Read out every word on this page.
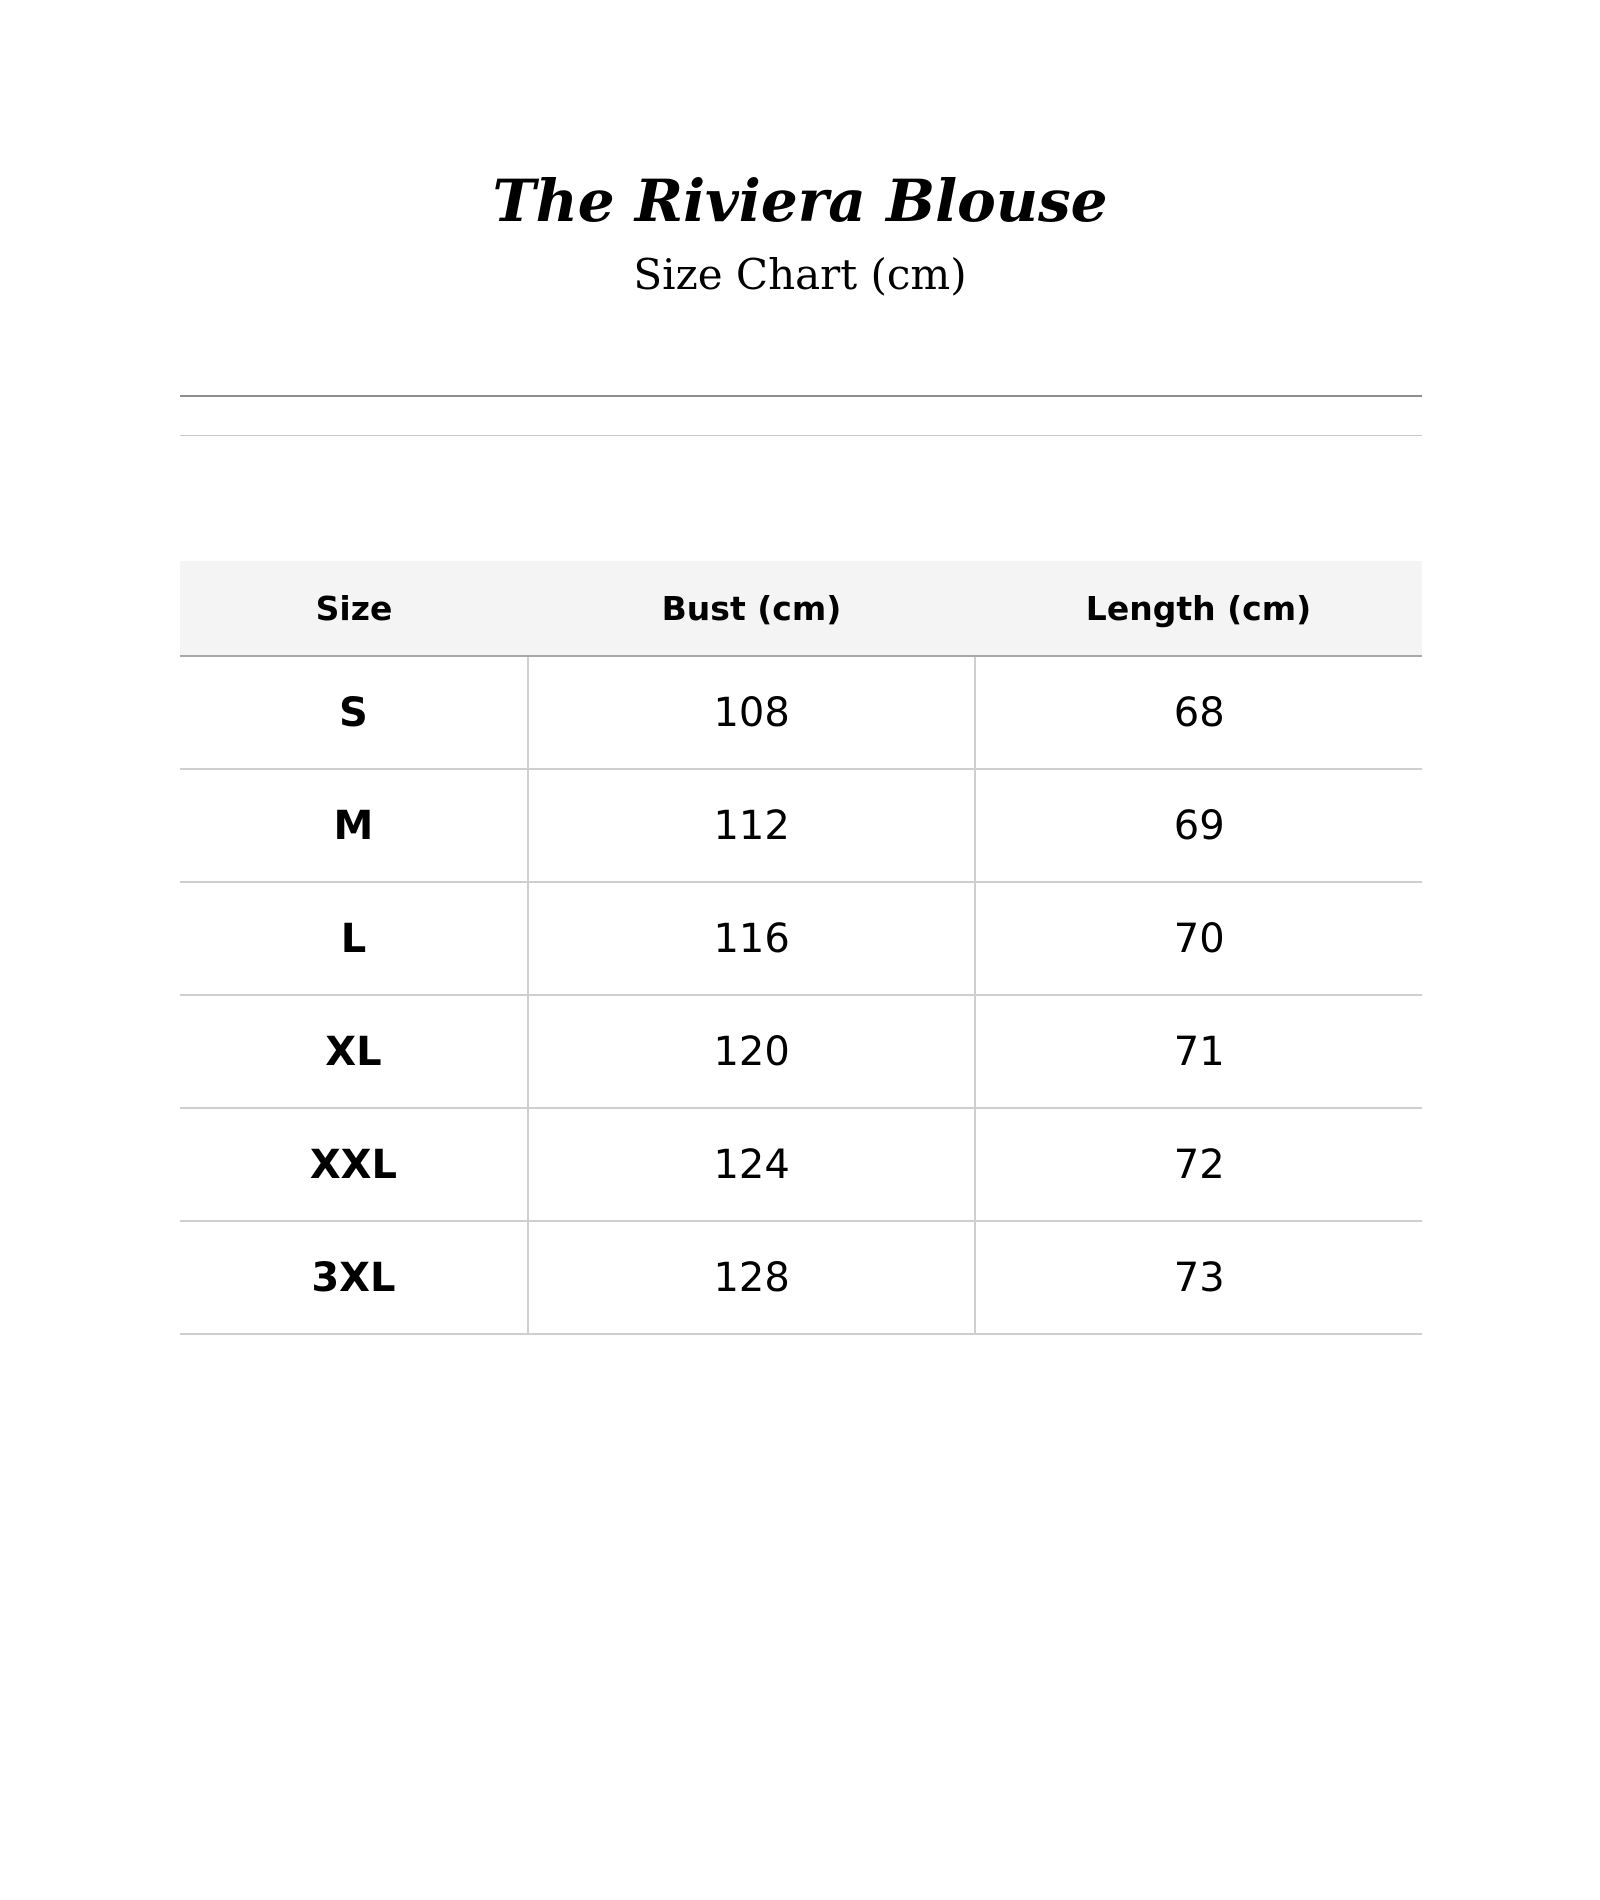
The Riviera Blouse
Size Chart (cm)
Size	Bust (cm)	Length (cm)
S	108	68
M	112	69
L	116	70
XL	120	71
XXL	124	72
3XL	128	73
